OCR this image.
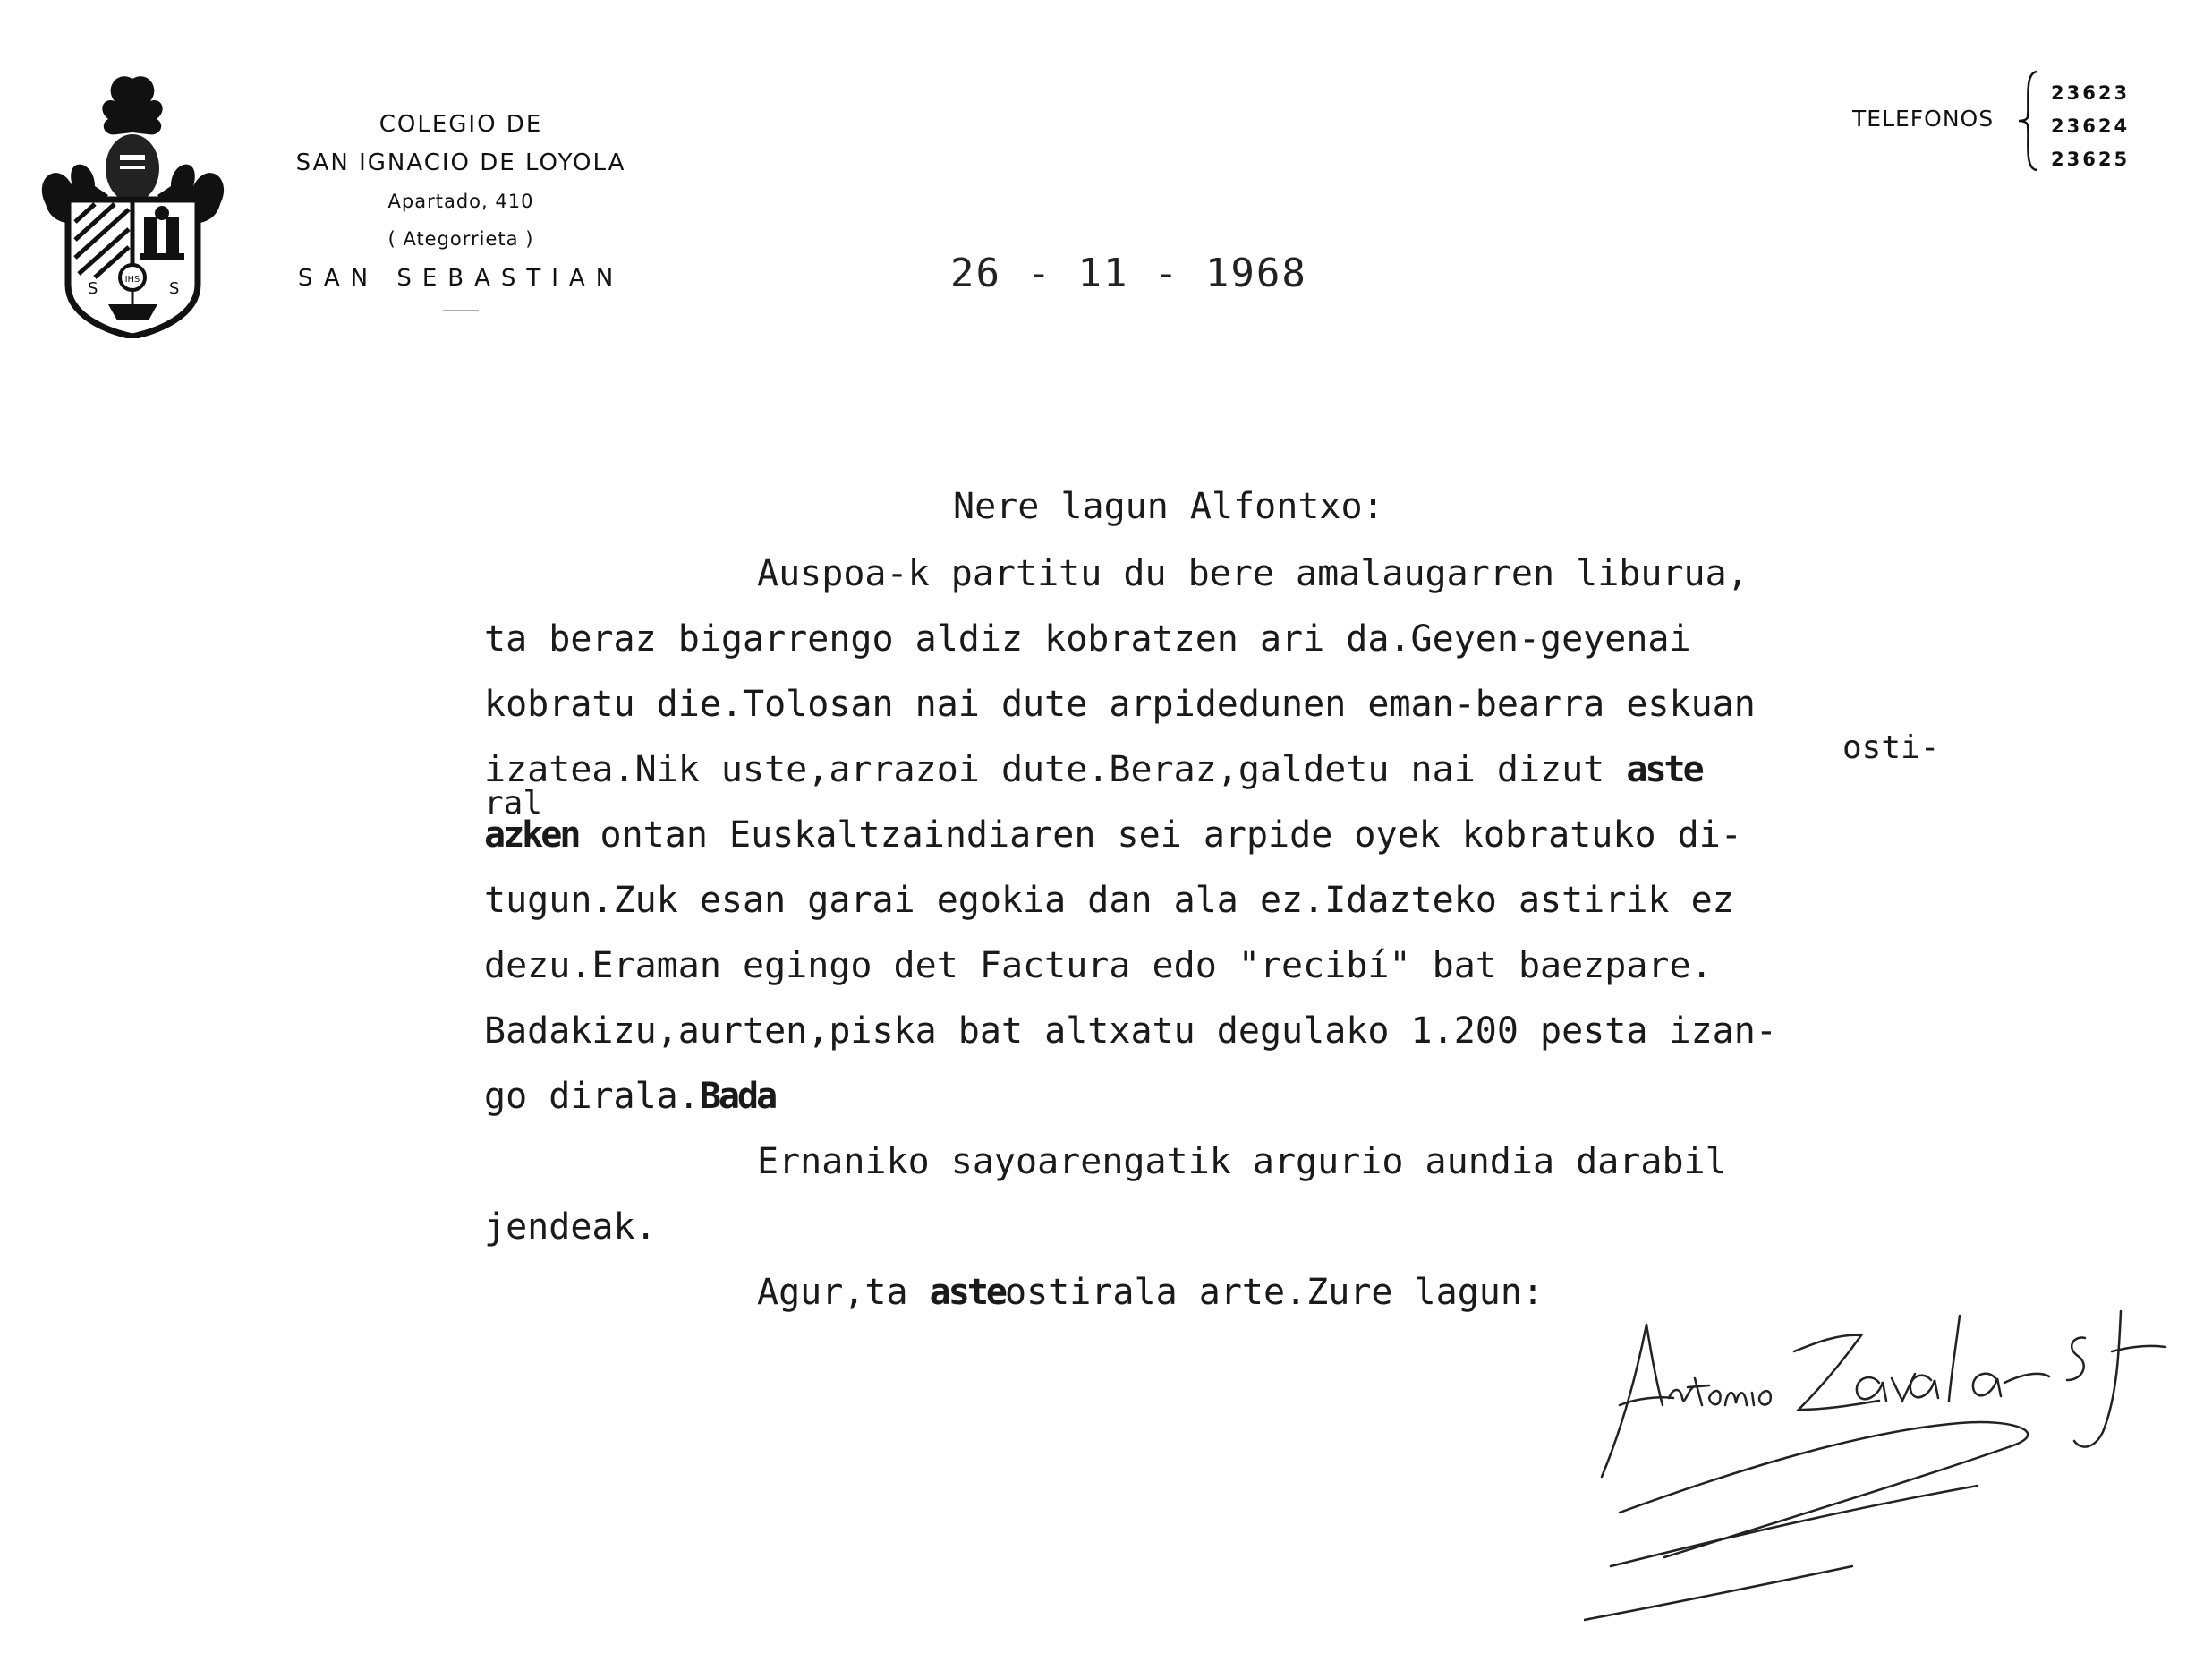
IHS
S	S
COLEGIO DE
SAN IGNACIO DE LOYOLA
Apartado, 410
( Ategorrieta )
SAN SEBASTIAN
TELEFONOS
23623
23624
23625
26 - 11 - 1968
Nere lagun Alfontxo:
Auspoa-k partitu du bere amalaugarren liburua,
ta beraz bigarrengo aldiz kobratzen ari da.Geyen-geyenai
kobratu die.Tolosan nai dute arpidedunen eman-bearra eskuan
izatea.Nik uste,arrazoi dute.Beraz,galdetu nai dizut aste
osti-
ral
azken ontan Euskaltzaindiaren sei arpide oyek kobratuko di-
tugun.Zuk esan garai egokia dan ala ez.Idazteko astirik ez
dezu.Eraman egingo det Factura edo "recibí" bat baezpare.
Badakizu,aurten,piska bat altxatu degulako 1.200 pesta izan-
go dirala.Bada
Ernaniko sayoarengatik argurio aundia darabil
jendeak.
Agur,ta asteostirala arte.Zure lagun:
